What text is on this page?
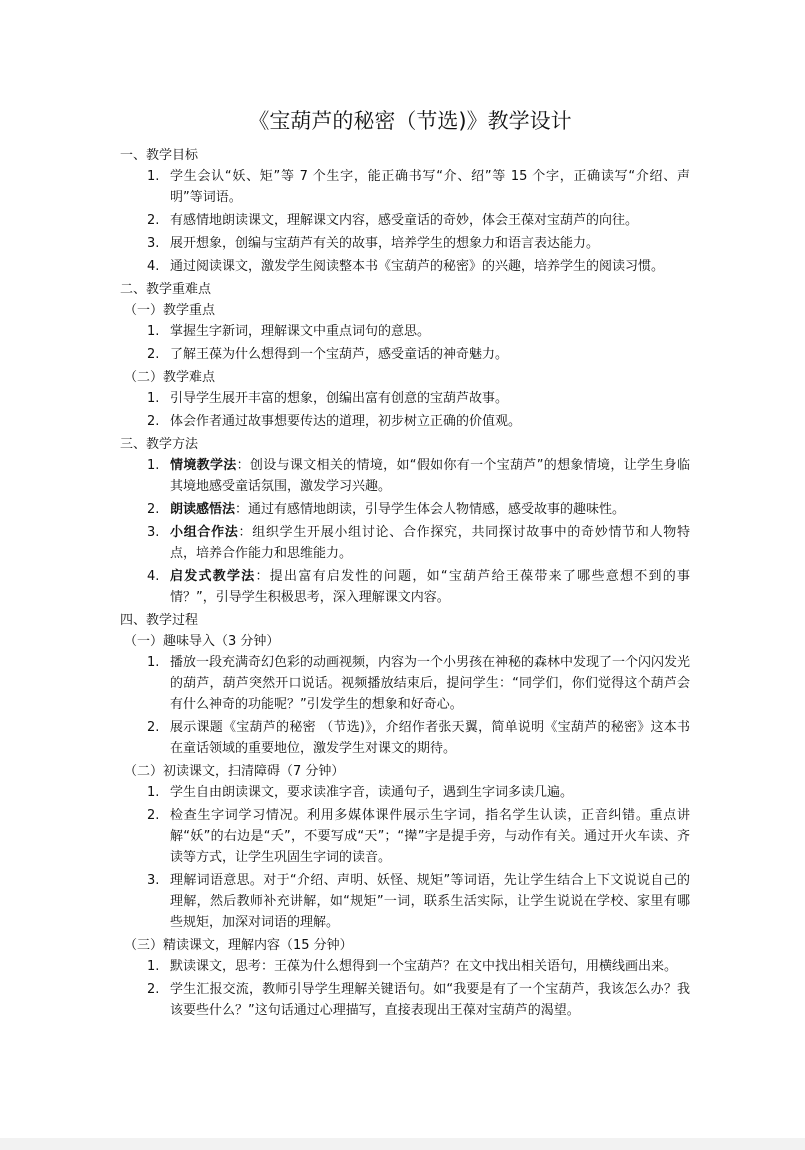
《宝葫芦的秘密（节选)》教学设计
一、教学目标
1. 学生会认“妖、矩”等 7 个生字，能正确书写“介、绍”等 15 个字，正确读写“介绍、声明”等词语。
2. 有感情地朗读课文，理解课文内容，感受童话的奇妙，体会王葆对宝葫芦的向往。
3. 展开想象，创编与宝葫芦有关的故事，培养学生的想象力和语言表达能力。
4. 通过阅读课文，激发学生阅读整本书《宝葫芦的秘密》的兴趣，培养学生的阅读习惯。
二、教学重难点
（一）教学重点
1. 掌握生字新词，理解课文中重点词句的意思。
2. 了解王葆为什么想得到一个宝葫芦，感受童话的神奇魅力。
（二）教学难点
1. 引导学生展开丰富的想象，创编出富有创意的宝葫芦故事。
2. 体会作者通过故事想要传达的道理，初步树立正确的价值观。
三、教学方法
1. 情境教学法：创设与课文相关的情境，如“假如你有一个宝葫芦”的想象情境，让学生身临其境地感受童话氛围，激发学习兴趣。
2. 朗读感悟法：通过有感情地朗读，引导学生体会人物情感，感受故事的趣味性。
3. 小组合作法：组织学生开展小组讨论、合作探究，共同探讨故事中的奇妙情节和人物特点，培养合作能力和思维能力。
4. 启发式教学法：提出富有启发性的问题，如“宝葫芦给王葆带来了哪些意想不到的事情？”，引导学生积极思考，深入理解课文内容。
四、教学过程
（一）趣味导入（3 分钟）
1. 播放一段充满奇幻色彩的动画视频，内容为一个小男孩在神秘的森林中发现了一个闪闪发光的葫芦，葫芦突然开口说话。视频播放结束后，提问学生：“同学们，你们觉得这个葫芦会有什么神奇的功能呢？”引发学生的想象和好奇心。
2. 展示课题《宝葫芦的秘密 （节选)》，介绍作者张天翼，简单说明《宝葫芦的秘密》这本书在童话领域的重要地位，激发学生对课文的期待。
（二）初读课文，扫清障碍（7 分钟）
1. 学生自由朗读课文，要求读准字音，读通句子，遇到生字词多读几遍。
2. 检查生字词学习情况。利用多媒体课件展示生字词，指名学生认读，正音纠错。重点讲解“妖”的右边是“夭”，不要写成“天”；“撵”字是提手旁，与动作有关。通过开火车读、齐读等方式，让学生巩固生字词的读音。
3. 理解词语意思。对于“介绍、声明、妖怪、规矩”等词语，先让学生结合上下文说说自己的理解，然后教师补充讲解，如“规矩”一词，联系生活实际，让学生说说在学校、家里有哪些规矩，加深对词语的理解。
（三）精读课文，理解内容（15 分钟）
1. 默读课文，思考：王葆为什么想得到一个宝葫芦？在文中找出相关语句，用横线画出来。
2. 学生汇报交流，教师引导学生理解关键语句。如“我要是有了一个宝葫芦，我该怎么办？我该要些什么？”这句话通过心理描写，直接表现出王葆对宝葫芦的渴望。
